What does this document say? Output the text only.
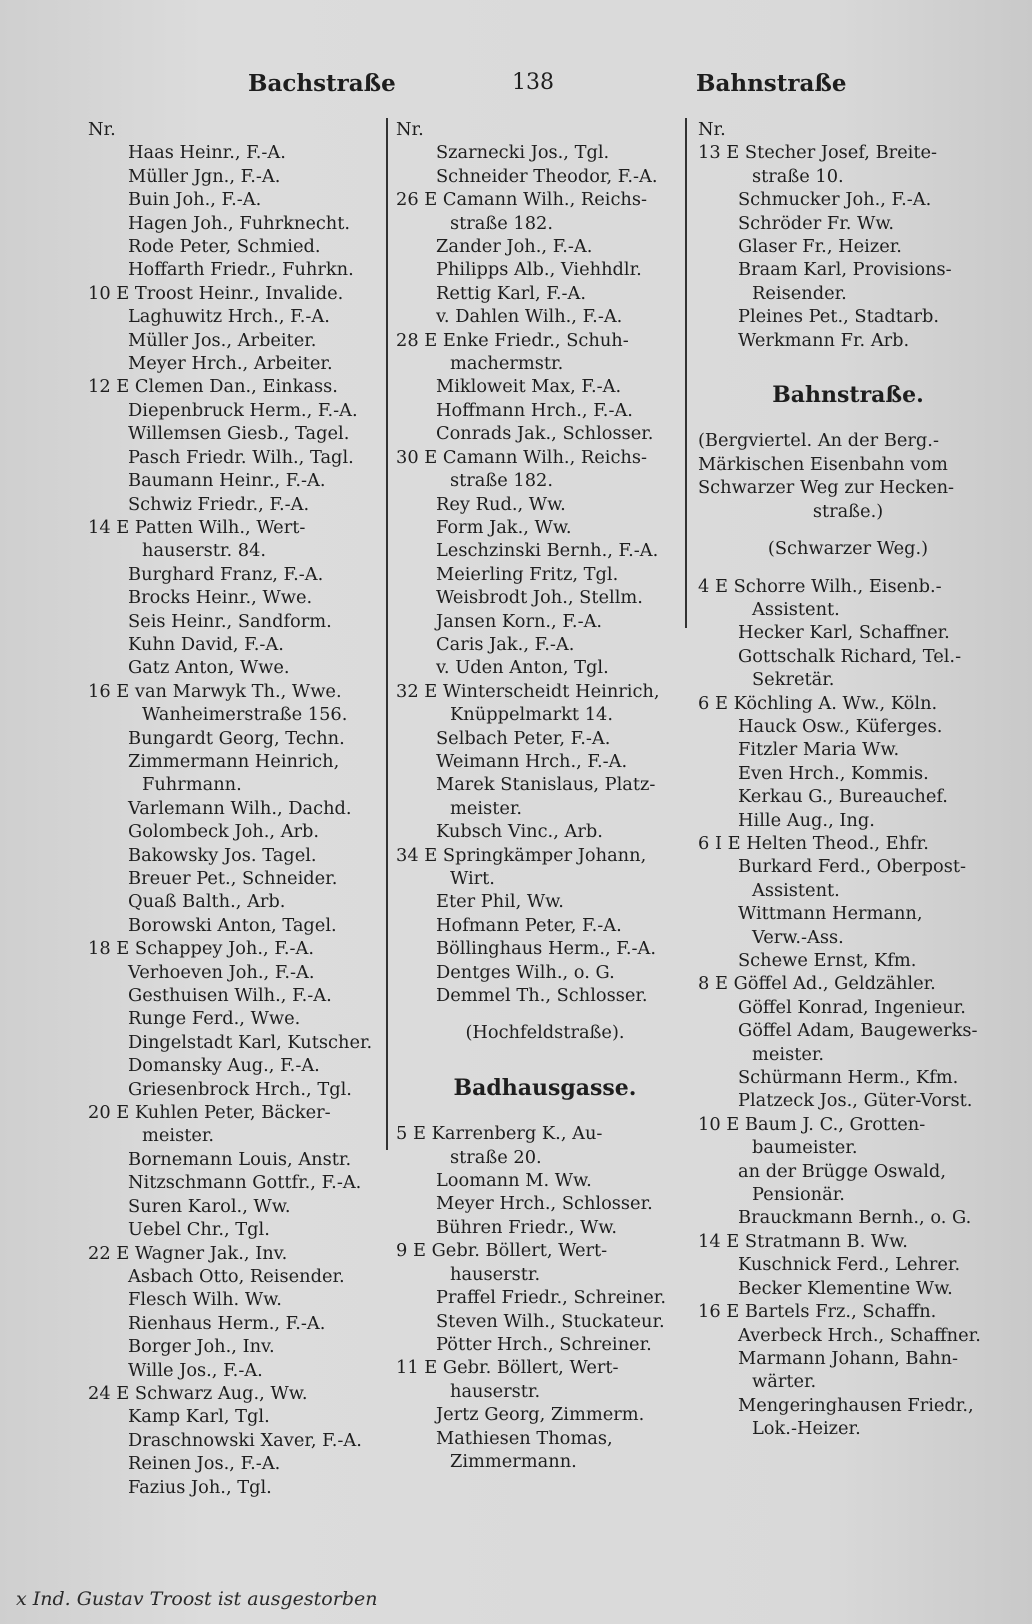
Bachstraße	138	Bahnstraße
Nr.
Haas Heinr., F.-A.
Müller Jgn., F.-A.
Buin Joh., F.-A.
Hagen Joh., Fuhrknecht.
Rode Peter, Schmied.
Hoffarth Friedr., Fuhrkn.
10 E Troost Heinr., Invalide.
Laghuwitz Hrch., F.-A.
Müller Jos., Arbeiter.
Meyer Hrch., Arbeiter.
12 E Clemen Dan., Einkass.
Diepenbruck Herm., F.-A.
Willemsen Giesb., Tagel.
Pasch Friedr. Wilh., Tagl.
Baumann Heinr., F.-A.
Schwiz Friedr., F.-A.
14 E Patten Wilh., Wert-
hauserstr. 84.
Burghard Franz, F.-A.
Brocks Heinr., Wwe.
Seis Heinr., Sandform.
Kuhn David, F.-A.
Gatz Anton, Wwe.
16 E van Marwyk Th., Wwe.
Wanheimerstraße 156.
Bungardt Georg, Techn.
Zimmermann Heinrich,
Fuhrmann.
Varlemann Wilh., Dachd.
Golombeck Joh., Arb.
Bakowsky Jos. Tagel.
Breuer Pet., Schneider.
Quaß Balth., Arb.
Borowski Anton, Tagel.
18 E Schappey Joh., F.-A.
Verhoeven Joh., F.-A.
Gesthuisen Wilh., F.-A.
Runge Ferd., Wwe.
Dingelstadt Karl, Kutscher.
Domansky Aug., F.-A.
Griesenbrock Hrch., Tgl.
20 E Kuhlen Peter, Bäcker-
meister.
Bornemann Louis, Anstr.
Nitzschmann Gottfr., F.-A.
Suren Karol., Ww.
Uebel Chr., Tgl.
22 E Wagner Jak., Inv.
Asbach Otto, Reisender.
Flesch Wilh. Ww.
Rienhaus Herm., F.-A.
Borger Joh., Inv.
Wille Jos., F.-A.
24 E Schwarz Aug., Ww.
Kamp Karl, Tgl.
Draschnowski Xaver, F.-A.
Reinen Jos., F.-A.
Fazius Joh., Tgl.
Nr.
Szarnecki Jos., Tgl.
Schneider Theodor, F.-A.
26 E Camann Wilh., Reichs-
straße 182.
Zander Joh., F.-A.
Philipps Alb., Viehhdlr.
Rettig Karl, F.-A.
v. Dahlen Wilh., F.-A.
28 E Enke Friedr., Schuh-
machermstr.
Mikloweit Max, F.-A.
Hoffmann Hrch., F.-A.
Conrads Jak., Schlosser.
30 E Camann Wilh., Reichs-
straße 182.
Rey Rud., Ww.
Form Jak., Ww.
Leschzinski Bernh., F.-A.
Meierling Fritz, Tgl.
Weisbrodt Joh., Stellm.
Jansen Korn., F.-A.
Caris Jak., F.-A.
v. Uden Anton, Tgl.
32 E Winterscheidt Heinrich,
Knüppelmarkt 14.
Selbach Peter, F.-A.
Weimann Hrch., F.-A.
Marek Stanislaus, Platz-
meister.
Kubsch Vinc., Arb.
34 E Springkämper Johann,
Wirt.
Eter Phil, Ww.
Hofmann Peter, F.-A.
Böllinghaus Herm., F.-A.
Dentges Wilh., o. G.
Demmel Th., Schlosser.
(Hochfeldstraße).
Badhausgasse.
5 E Karrenberg K., Au-
straße 20.
Loomann M. Ww.
Meyer Hrch., Schlosser.
Bühren Friedr., Ww.
9 E Gebr. Böllert, Wert-
hauserstr.
Praffel Friedr., Schreiner.
Steven Wilh., Stuckateur.
Pötter Hrch., Schreiner.
11 E Gebr. Böllert, Wert-
hauserstr.
Jertz Georg, Zimmerm.
Mathiesen Thomas,
Zimmermann.
Nr.
13 E Stecher Josef, Breite-
straße 10.
Schmucker Joh., F.-A.
Schröder Fr. Ww.
Glaser Fr., Heizer.
Braam Karl, Provisions-
Reisender.
Pleines Pet., Stadtarb.
Werkmann Fr. Arb.
Bahnstraße.
(Bergviertel. An der Berg.-
Märkischen Eisenbahn vom
Schwarzer Weg zur Hecken-
straße.)
(Schwarzer Weg.)
4 E Schorre Wilh., Eisenb.-
Assistent.
Hecker Karl, Schaffner.
Gottschalk Richard, Tel.-
Sekretär.
6 E Köchling A. Ww., Köln.
Hauck Osw., Küferges.
Fitzler Maria Ww.
Even Hrch., Kommis.
Kerkau G., Bureauchef.
Hille Aug., Ing.
6 I E Helten Theod., Ehfr.
Burkard Ferd., Oberpost-
Assistent.
Wittmann Hermann,
Verw.-Ass.
Schewe Ernst, Kfm.
8 E Göffel Ad., Geldzähler.
Göffel Konrad, Ingenieur.
Göffel Adam, Baugewerks-
meister.
Schürmann Herm., Kfm.
Platzeck Jos., Güter-Vorst.
10 E Baum J. C., Grotten-
baumeister.
an der Brügge Oswald,
Pensionär.
Brauckmann Bernh., o. G.
14 E Stratmann B. Ww.
Kuschnick Ferd., Lehrer.
Becker Klementine Ww.
16 E Bartels Frz., Schaffn.
Averbeck Hrch., Schaffner.
Marmann Johann, Bahn-
wärter.
Mengeringhausen Friedr.,
Lok.-Heizer.
x Ind. Gustav Troost ist ausgestorben
